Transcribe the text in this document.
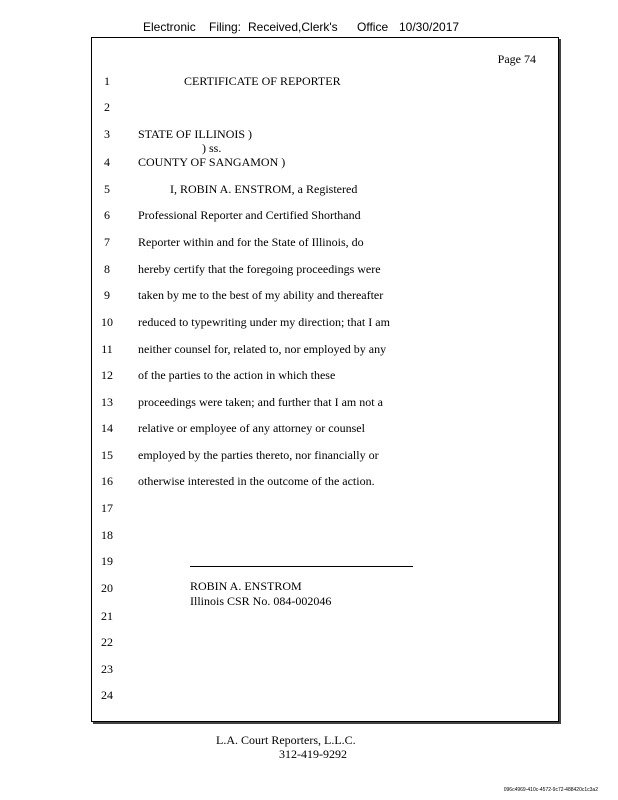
Electronic Filing: Received,Clerk's Office 10/30/2017
Page 74
1
2
3
4
5
6
7
8
9
10
11
12
13
14
15
16
17
18
19
20
21
22
23
24
CERTIFICATE OF REPORTER
STATE OF ILLINOIS )
) ss.
COUNTY OF SANGAMON )
I, ROBIN A. ENSTROM, a Registered
Professional Reporter and Certified Shorthand
Reporter within and for the State of Illinois, do
hereby certify that the foregoing proceedings were
taken by me to the best of my ability and thereafter
reduced to typewriting under my direction; that I am
neither counsel for, related to, nor employed by any
of the parties to the action in which these
proceedings were taken; and further that I am not a
relative or employee of any attorney or counsel
employed by the parties thereto, nor financially or
otherwise interested in the outcome of the action.
ROBIN A. ENSTROM
Illinois CSR No. 084-002046
L.A. Court Reporters, L.L.C.
312-419-9292
096c4969-410c-4572-9c72-488420c1c3a2
